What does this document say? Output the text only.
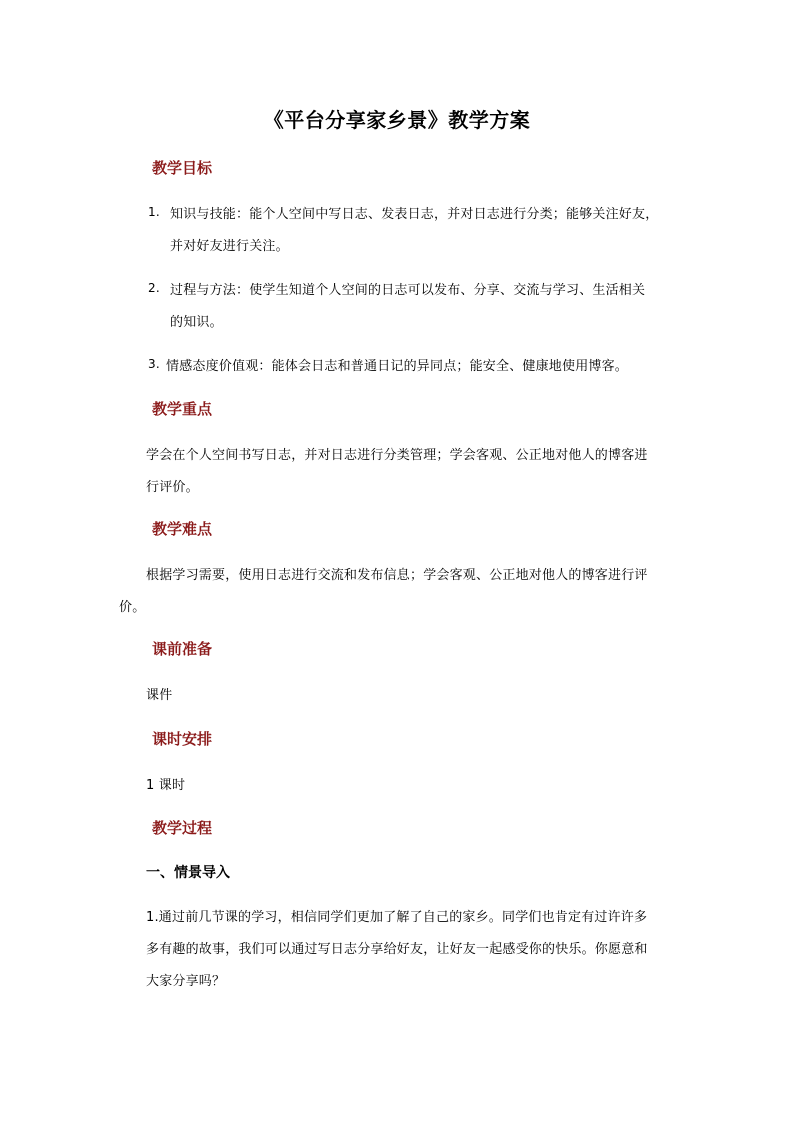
《平台分享家乡景》教学方案
教学目标
1. 知识与技能：能个人空间中写日志、发表日志，并对日志进行分类；能够关注好友，
并对好友进行关注。
2. 过程与方法：使学生知道个人空间的日志可以发布、分享、交流与学习、生活相关
的知识。
3. 情感态度价值观：能体会日志和普通日记的异同点；能安全、健康地使用博客。
教学重点
学会在个人空间书写日志，并对日志进行分类管理；学会客观、公正地对他人的博客进
行评价。
教学难点
根据学习需要，使用日志进行交流和发布信息；学会客观、公正地对他人的博客进行评
价。
课前准备
课件
课时安排
1 课时
教学过程
一、情景导入
1.通过前几节课的学习，相信同学们更加了解了自己的家乡。同学们也肯定有过许许多
多有趣的故事，我们可以通过写日志分享给好友，让好友一起感受你的快乐。你愿意和
大家分享吗？
